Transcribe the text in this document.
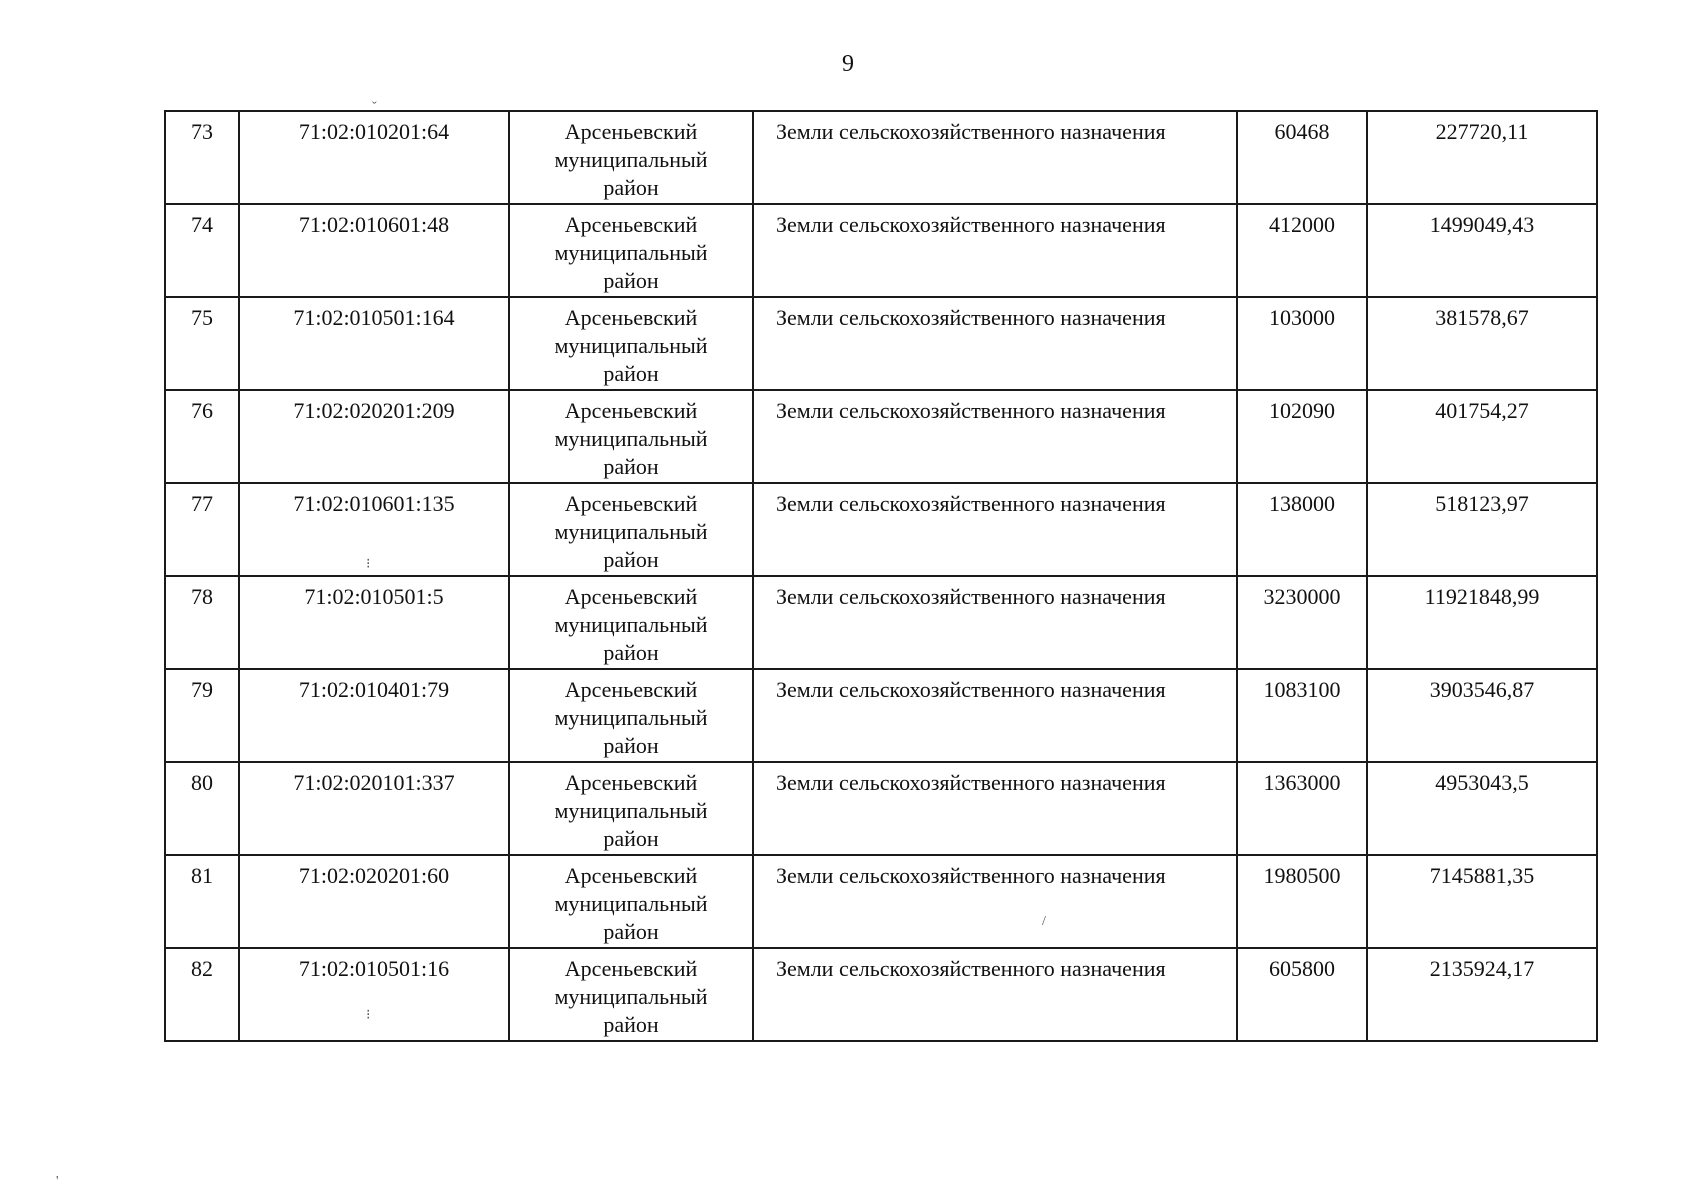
9
73	71:02:010201:64	Арсеньевский
муниципальный
район	Земли сельскохозяйственного назначения	60468	227720,11
74	71:02:010601:48	Арсеньевский
муниципальный
район	Земли сельскохозяйственного назначения	412000	1499049,43
75	71:02:010501:164	Арсеньевский
муниципальный
район	Земли сельскохозяйственного назначения	103000	381578,67
76	71:02:020201:209	Арсеньевский
муниципальный
район	Земли сельскохозяйственного назначения	102090	401754,27
77	71:02:010601:135	Арсеньевский
муниципальный
район	Земли сельскохозяйственного назначения	138000	518123,97
78	71:02:010501:5	Арсеньевский
муниципальный
район	Земли сельскохозяйственного назначения	3230000	11921848,99
79	71:02:010401:79	Арсеньевский
муниципальный
район	Земли сельскохозяйственного назначения	1083100	3903546,87
80	71:02:020101:337	Арсеньевский
муниципальный
район	Земли сельскохозяйственного назначения	1363000	4953043,5
81	71:02:020201:60	Арсеньевский
муниципальный
район	Земли сельскохозяйственного назначения	1980500	7145881,35
82	71:02:010501:16	Арсеньевский
муниципальный
район	Земли сельскохозяйственного назначения	605800	2135924,17
ˇ
⁝
⁝
/
'
